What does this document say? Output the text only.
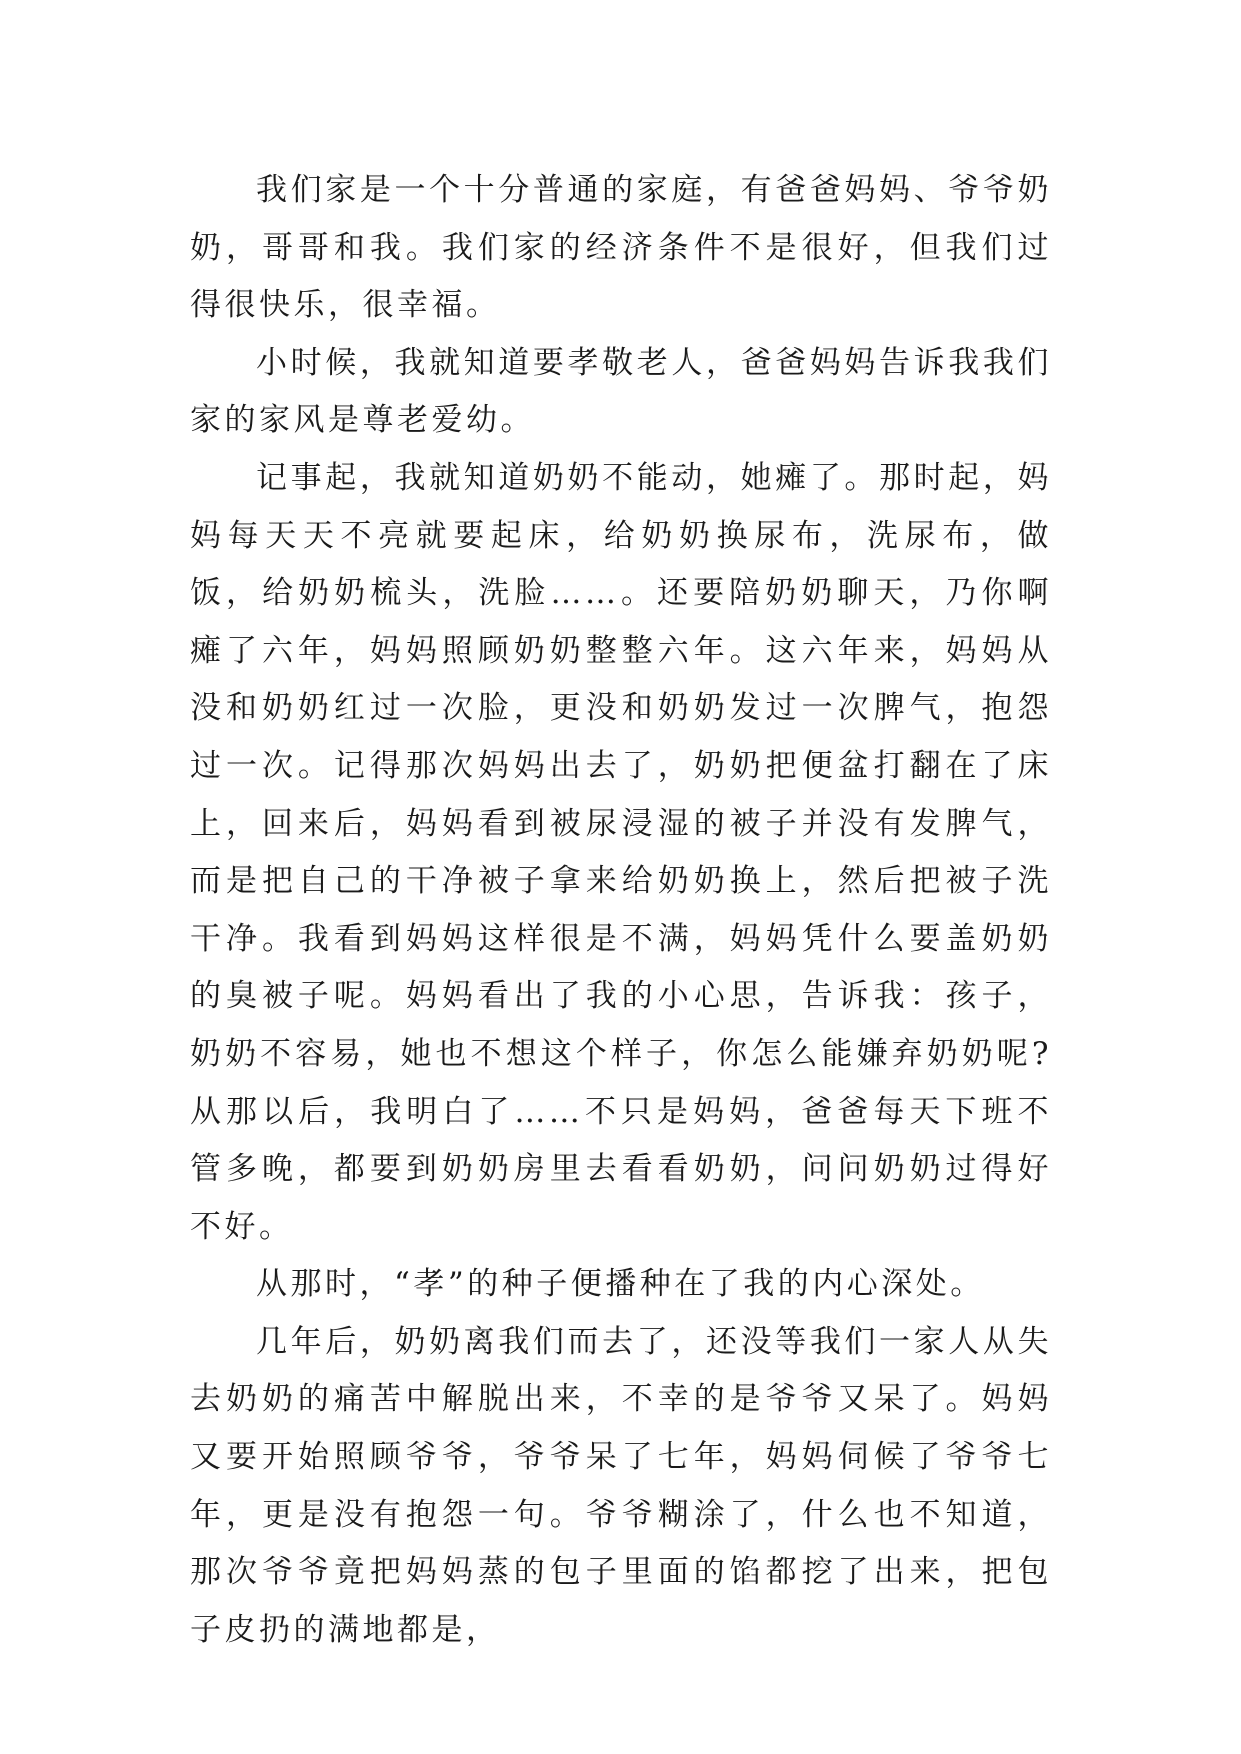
我们家是一个十分普通的家庭，有爸爸妈妈、爷爷奶奶，哥哥和我。我们家的经济条件不是很好，但我们过得很快乐，很幸福。

小时候，我就知道要孝敬老人，爸爸妈妈告诉我我们家的家风是尊老爱幼。

记事起，我就知道奶奶不能动，她瘫了。那时起，妈妈每天天不亮就要起床，给奶奶换尿布，洗尿布，做饭，给奶奶梳头，洗脸……。还要陪奶奶聊天，乃你啊瘫了六年，妈妈照顾奶奶整整六年。这六年来，妈妈从没和奶奶红过一次脸，更没和奶奶发过一次脾气，抱怨过一次。记得那次妈妈出去了，奶奶把便盆打翻在了床上，回来后，妈妈看到被尿浸湿的被子并没有发脾气，而是把自己的干净被子拿来给奶奶换上，然后把被子洗干净。我看到妈妈这样很是不满，妈妈凭什么要盖奶奶的臭被子呢。妈妈看出了我的小心思，告诉我：孩子，奶奶不容易，她也不想这个样子，你怎么能嫌弃奶奶呢?从那以后，我明白了……不只是妈妈，爸爸每天下班不管多晚，都要到奶奶房里去看看奶奶，问问奶奶过得好不好。

从那时，“孝”的种子便播种在了我的内心深处。

几年后，奶奶离我们而去了，还没等我们一家人从失去奶奶的痛苦中解脱出来，不幸的是爷爷又呆了。妈妈又要开始照顾爷爷，爷爷呆了七年，妈妈伺候了爷爷七年，更是没有抱怨一句。爷爷糊涂了，什么也不知道，那次爷爷竟把妈妈蒸的包子里面的馅都挖了出来，把包子皮扔的满地都是，
